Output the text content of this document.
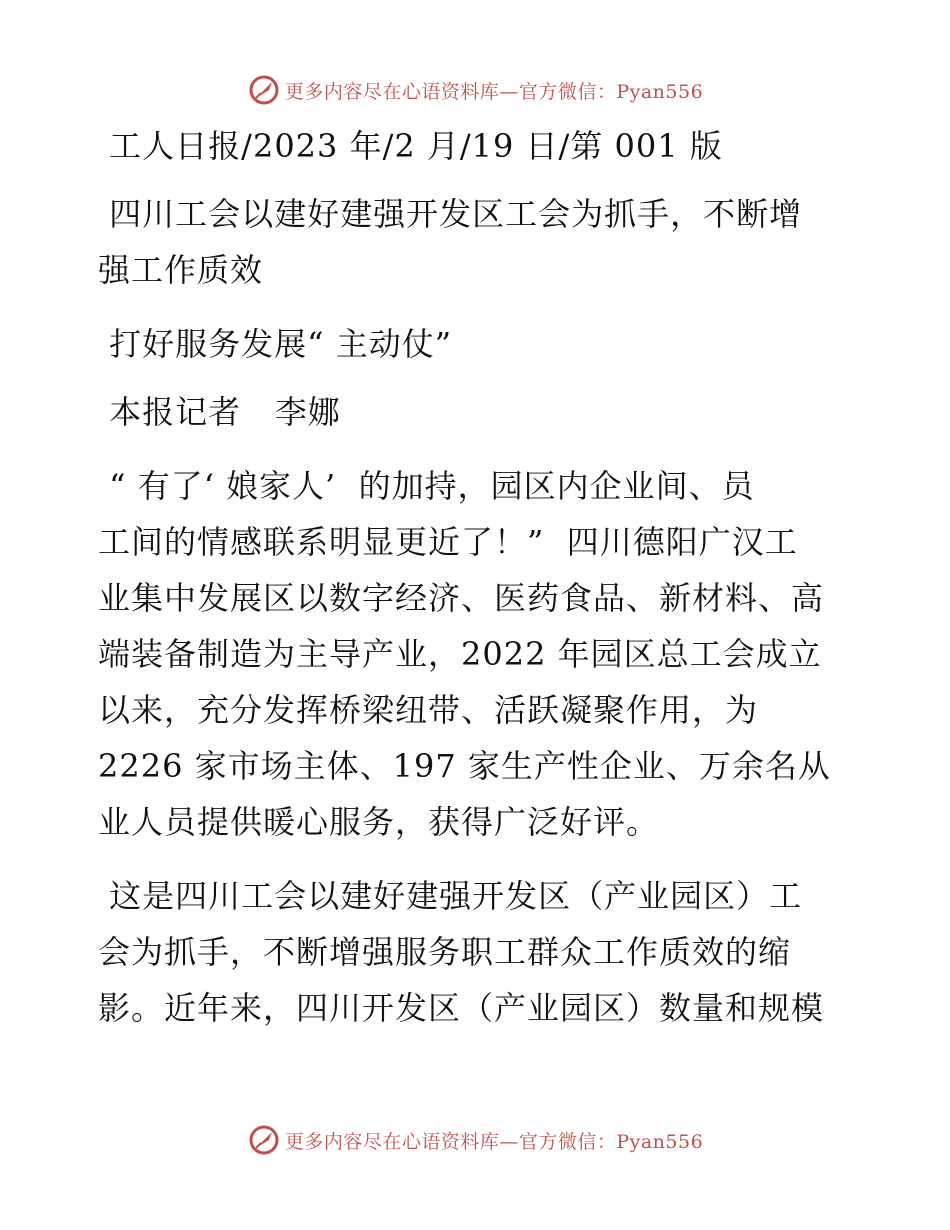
更多内容尽在心语资料库—官方微信：Pyan556
工人日报/2023 年/2 月/19 日/第 001 版
四川工会以建好建强开发区工会为抓手，不断增
强工作质效
打好服务发展“ 主动仗”
本报记者   李娜
“ 有了‘ 娘家人’  的加持，园区内企业间、员
工间的情感联系明显更近了！”  四川德阳广汉工
业集中发展区以数字经济、医药食品、新材料、高
端装备制造为主导产业，2022 年园区总工会成立
以来，充分发挥桥梁纽带、活跃凝聚作用，为
2226 家市场主体、197 家生产性企业、万余名从
业人员提供暖心服务，获得广泛好评。
这是四川工会以建好建强开发区（产业园区）工
会为抓手，不断增强服务职工群众工作质效的缩
影。近年来，四川开发区（产业园区）数量和规模
更多内容尽在心语资料库—官方微信：Pyan556
